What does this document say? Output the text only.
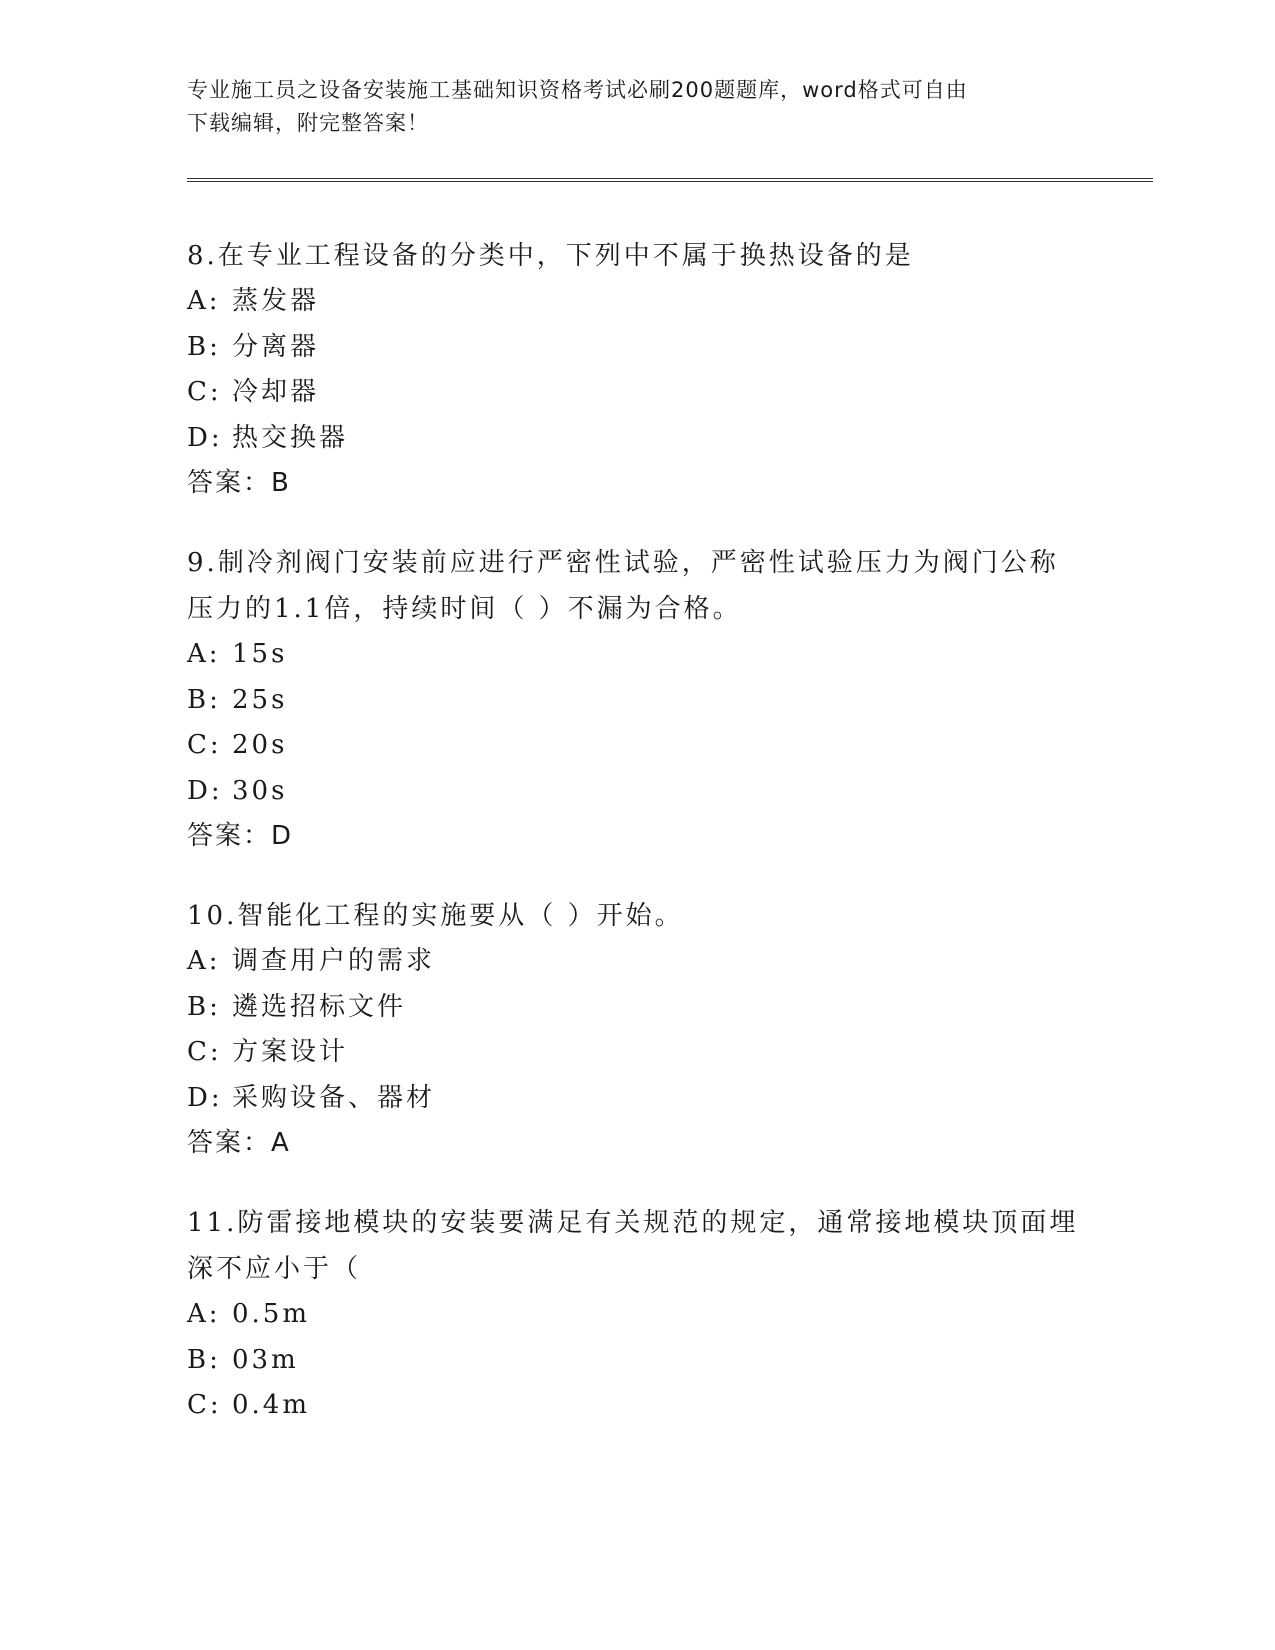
专业施工员之设备安装施工基础知识资格考试必刷200题题库，word格式可自由
下载编辑，附完整答案！

8.在专业工程设备的分类中，下列中不属于换热设备的是

A: 蒸发器

B: 分离器

C: 冷却器

D: 热交换器

答案：B

9.制冷剂阀门安装前应进行严密性试验，严密性试验压力为阀门公称压力的1.1倍，持续时间（ ）不漏为合格。

A: 15s

B: 25s

C: 20s

D: 30s

答案：D

10.智能化工程的实施要从（ ）开始。

A: 调查用户的需求

B: 遴选招标文件

C: 方案设计

D: 采购设备、器材

答案：A

11.防雷接地模块的安装要满足有关规范的规定，通常接地模块顶面埋深不应小于（

A: 0.5m

B: 03m

C: 0.4m
